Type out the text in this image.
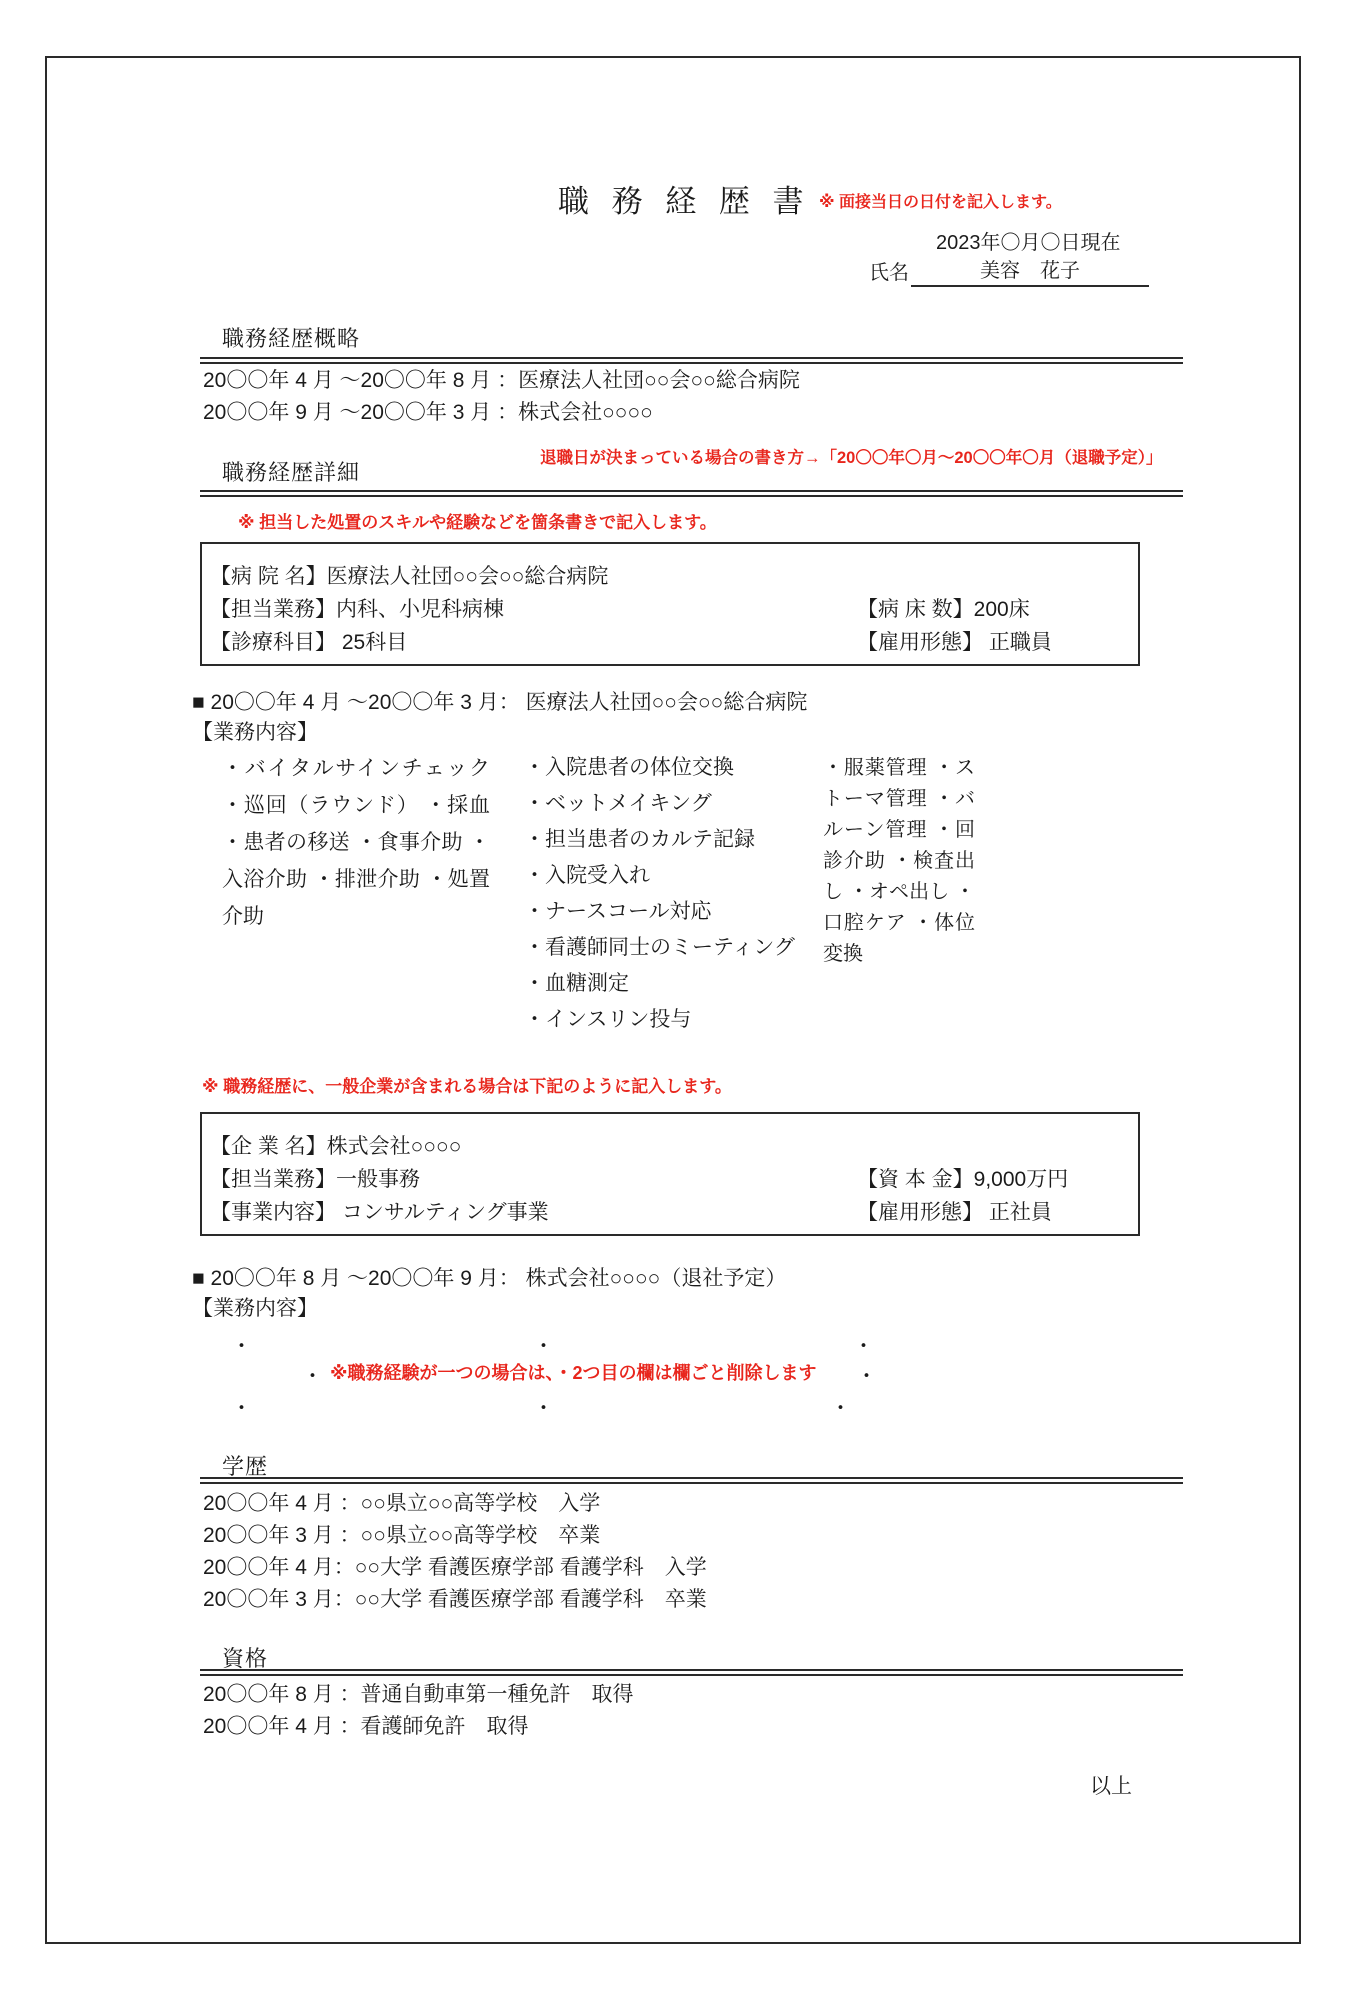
職 務 経 歴 書 ※ 面接当日の日付を記入します。
2023年〇月〇日現在
氏名	美容　花子
職務経歴概略
20〇〇年 4 月 ～20〇〇年 8 月 ：医療法人社団○○会○○総合病院
20〇〇年 9 月 ～20〇〇年 3 月 ：株式会社○○○○
退職日が決まっている場合の書き方→「20〇〇年〇月～20〇〇年〇月（退職予定）」
職務経歴詳細
※ 担当した処置のスキルや経験などを箇条書きで記入します。
【病 院 名】医療法人社団○○会○○総合病院
【担当業務】内科、小児科病棟	【病 床 数】200床
【診療科目】 25科目	【雇用形態】 正職員
■ 20〇〇年 4 月 ～20〇〇年 3 月： 医療法人社団○○会○○総合病院
【業務内容】
・バイタルサインチェック
・巡回（ラウンド） ・採血
・患者の移送 ・食事介助 ・
入浴介助 ・排泄介助 ・処置
介助
・入院患者の体位交換
・ベットメイキング
・担当患者のカルテ記録
・入院受入れ
・ナースコール対応
・看護師同士のミーティング
・血糖測定
・インスリン投与
・服薬管理 ・ス
トーマ管理 ・バ
ルーン管理 ・回
診介助 ・検査出
し ・オペ出し ・
口腔ケア ・体位
変換
※ 職務経歴に、一般企業が含まれる場合は下記のように記入します。
【企 業 名】株式会社○○○○
【担当業務】一般事務	【資 本 金】9,000万円
【事業内容】 コンサルティング事業	【雇用形態】 正社員
■ 20〇〇年 8 月 ～20〇〇年 9 月： 株式会社○○○○（退社予定）
【業務内容】
・	・	・
・ ※職務経験が一つの場合は、・2つ目の欄は欄ごと削除します ・
・	・	・
学歴
20〇〇年 4 月 ：○○県立○○高等学校　入学
20〇〇年 3 月 ：○○県立○○高等学校　卒業
20〇〇年 4 月：○○大学 看護医療学部 看護学科　入学
20〇〇年 3 月：○○大学 看護医療学部 看護学科　卒業
資格
20〇〇年 8 月 ：普通自動車第一種免許　取得
20〇〇年 4 月 ：看護師免許　取得
以上
